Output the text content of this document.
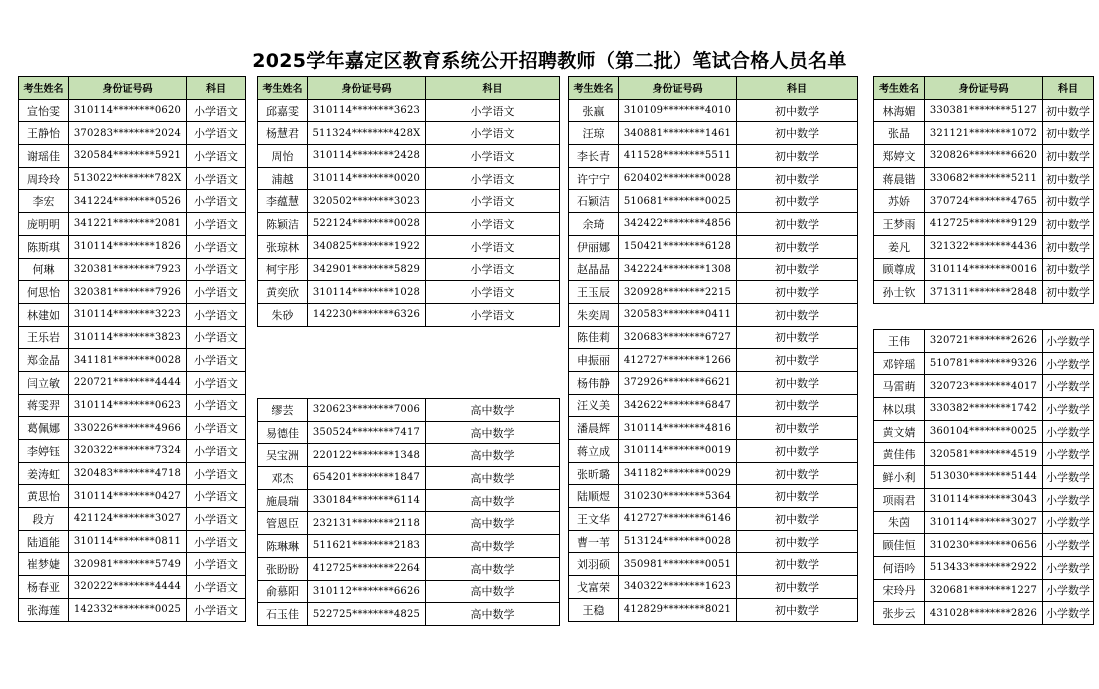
2025学年嘉定区教育系统公开招聘教师（第二批）笔试合格人员名单
考生姓名	身份证号码	科目
宣怡雯	310114********0620	小学语文
王静怡	370283********2024	小学语文
谢瑶佳	320584********5921	小学语文
周玲玲	513022********782X	小学语文
李宏	341224********0526	小学语文
庞明明	341221********2081	小学语文
陈斯琪	310114********1826	小学语文
何琳	320381********7923	小学语文
何思怡	320381********7926	小学语文
林建如	310114********3223	小学语文
王乐岩	310114********3823	小学语文
郑金晶	341181********0028	小学语文
闫立敏	220721********4444	小学语文
蒋雯羿	310114********0623	小学语文
葛佩娜	330226********4966	小学语文
李婷钰	320322********7324	小学语文
姜涛虹	320483********4718	小学语文
黄思怡	310114********0427	小学语文
段方	421124********3027	小学语文
陆逍能	310114********0811	小学语文
崔梦婕	320981********5749	小学语文
杨春亚	320222********4444	小学语文
张海莲	142332********0025	小学语文
考生姓名	身份证号码	科目
邱嘉雯	310114********3623	小学语文
杨慧君	511324********428X	小学语文
周怡	310114********2428	小学语文
浦越	310114********0020	小学语文
李蕴慧	320502********3023	小学语文
陈颖洁	522124********0028	小学语文
张琼林	340825********1922	小学语文
柯宇彤	342901********5829	小学语文
黄奕欣	310114********1028	小学语文
朱砂	142230********6326	小学语文
缪芸	320623********7006	高中数学
易德佳	350524********7417	高中数学
吴宝洲	220122********1348	高中数学
邓杰	654201********1847	高中数学
施晨瑞	330184********6114	高中数学
管恩臣	232131********2118	高中数学
陈琳琳	511621********2183	高中数学
张盼盼	412725********2264	高中数学
俞慕阳	310112********6626	高中数学
石玉佳	522725********4825	高中数学
考生姓名	身份证号码	科目
张嬴	310109********4010	初中数学
汪琼	340881********1461	初中数学
李长青	411528********5511	初中数学
许宁宁	620402********0028	初中数学
石颖洁	510681********0025	初中数学
余琦	342422********4856	初中数学
伊丽娜	150421********6128	初中数学
赵晶晶	342224********1308	初中数学
王玉辰	320928********2215	初中数学
朱奕周	320583********0411	初中数学
陈佳莉	320683********6727	初中数学
申振丽	412727********1266	初中数学
杨伟静	372926********6621	初中数学
汪义美	342622********6847	初中数学
潘晨辉	310114********4816	初中数学
蒋立成	310114********0019	初中数学
张昕璐	341182********0029	初中数学
陆顺煜	310230********5364	初中数学
王文华	412727********6146	初中数学
曹一苇	513124********0028	初中数学
刘羽硕	350981********0051	初中数学
戈富荣	340322********1623	初中数学
王稳	412829********8021	初中数学
考生姓名	身份证号码	科目
林海媚	330381********5127	初中数学
张晶	321121********1072	初中数学
郑婷文	320826********6620	初中数学
蒋晨锴	330682********5211	初中数学
苏娇	370724********4765	初中数学
王梦雨	412725********9129	初中数学
姜凡	321322********4436	初中数学
顾尊成	310114********0016	初中数学
孙士钦	371311********2848	初中数学
王伟	320721********2626	小学数学
邓锌瑶	510781********9326	小学数学
马雷萌	320723********4017	小学数学
林以琪	330382********1742	小学数学
黄文婧	360104********0025	小学数学
黄佳伟	320581********4519	小学数学
鲜小利	513030********5144	小学数学
项雨君	310114********3043	小学数学
朱茵	310114********3027	小学数学
顾佳恒	310230********0656	小学数学
何语吟	513433********2922	小学数学
宋玲丹	320681********1227	小学数学
张步云	431028********2826	小学数学
